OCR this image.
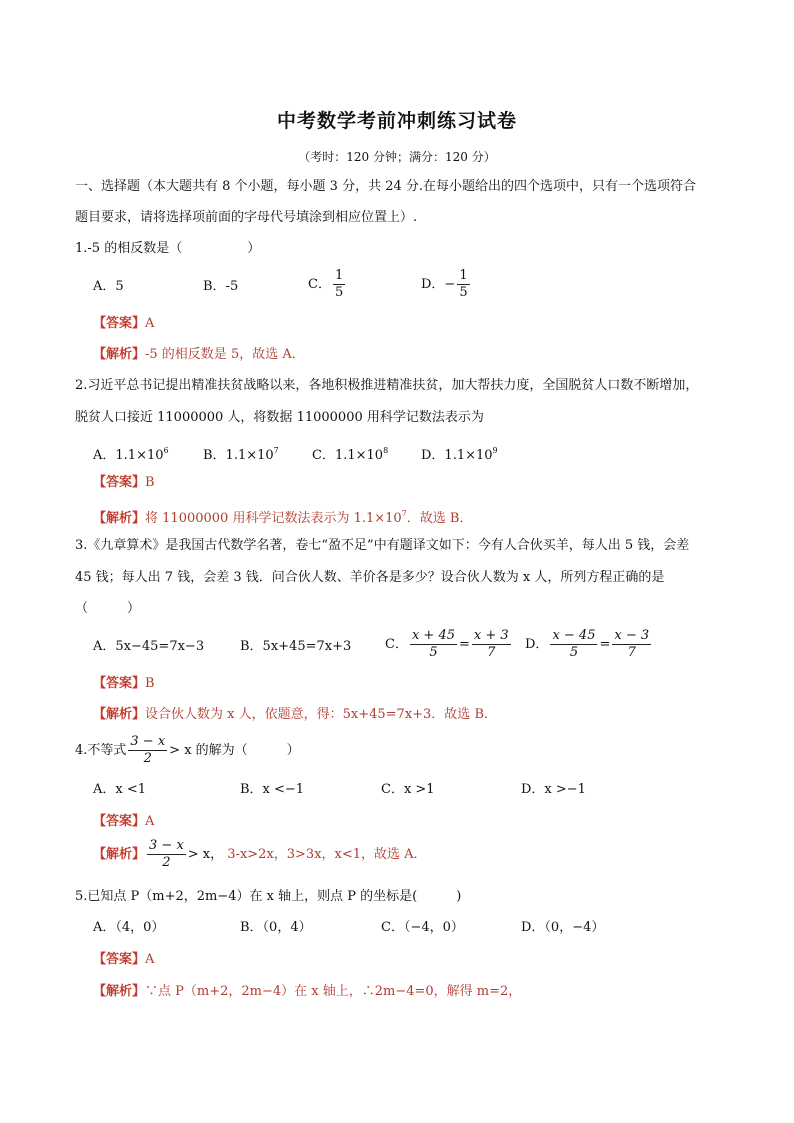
中考数学考前冲刺练习试卷
（考时：120 分钟；满分：120 分）
一、选择题（本大题共有 8 个小题，每小题 3 分，共 24 分.在每小题给出的四个选项中，只有一个选项符合
题目要求，请将选择项前面的字母代号填涂到相应位置上）.
1.-5 的相反数是（　　　　　）
A．5	B．-5	C． $\frac{1}{5}$	D．− $\frac{1}{5}$
【答案】A
【解析】-5 的相反数是 5，故选 A．
2.习近平总书记提出精准扶贫战略以来，各地积极推进精准扶贫，加大帮扶力度，全国脱贫人口数不断增加，
脱贫人口接近 11000000 人，将数据 11000000 用科学记数法表示为
A．$1.1\times 10^6$	B．$1.1\times 10^7$	C．$1.1\times 10^8$	D．$1.1\times 10^9$
【答案】B
【解析】将 11000000 用科学记数法表示为 $1.1\times 10^7$．故选 B．
3.《九章算术》是我国古代数学名著，卷七“盈不足”中有题译文如下：今有人合伙买羊，每人出 5 钱，会差
45 钱；每人出 7 钱，会差 3 钱．问合伙人数、羊价各是多少？设合伙人数为 x 人，所列方程正确的是
（　　　）
A．5x−45=7x−3	B．5x+45=7x+3	C． $\frac{x + 45}{5} = \frac{x + 3}{7}$ D． $\frac{x - 45}{5} = \frac{x - 3}{7}$
【答案】B
【解析】设合伙人数为 x 人，依题意，得：5x+45=7x+3．故选 B．
4.不等式 $\frac{3 - x}{2} > x$ 的解为（　　　）
A．x <1	B．x <−1	C．x >1	D．x >−1
【答案】A
【解析】 $\frac{3 - x}{2} > x$， 3-x>2x，3>3x，x<1，故选 A．
5.已知点 P（m+2，2m−4）在 x 轴上，则点 P 的坐标是(　　　)
A．（4，0）	B．（0，4）	C．（−4，0）	D．（0，−4）
【答案】A
【解析】∵点 P（m+2，2m−4）在 x 轴上，∴2m−4=0，解得 m=2，
